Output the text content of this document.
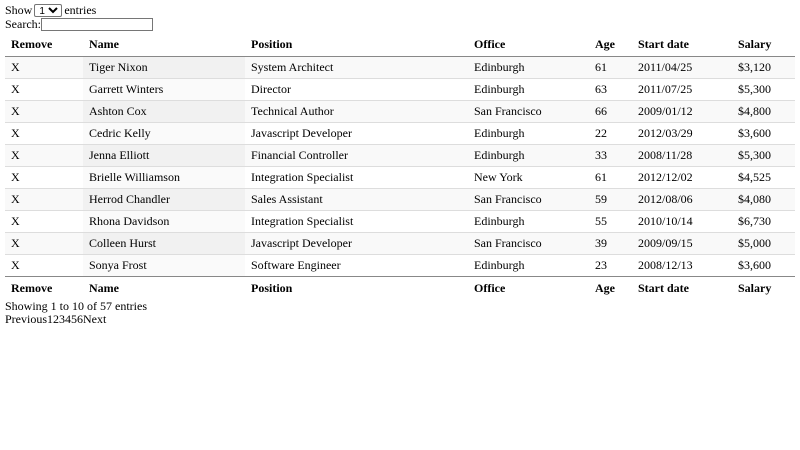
Show
10	entries
Search:
Remove	Name	Position	Office	Age	Start date	Salary
X	Tiger Nixon	System Architect	Edinburgh	61	2011/04/25	$3,120
X	Garrett Winters	Director	Edinburgh	63	2011/07/25	$5,300
X	Ashton Cox	Technical Author	San Francisco	66	2009/01/12	$4,800
X	Cedric Kelly	Javascript Developer	Edinburgh	22	2012/03/29	$3,600
X	Jenna Elliott	Financial Controller	Edinburgh	33	2008/11/28	$5,300
X	Brielle Williamson	Integration Specialist	New York	61	2012/12/02	$4,525
X	Herrod Chandler	Sales Assistant	San Francisco	59	2012/08/06	$4,080
X	Rhona Davidson	Integration Specialist	Edinburgh	55	2010/10/14	$6,730
X	Colleen Hurst	Javascript Developer	San Francisco	39	2009/09/15	$5,000
X	Sonya Frost	Software Engineer	Edinburgh	23	2008/12/13	$3,600
Remove	Name	Position	Office	Age	Start date	Salary
Showing 1 to 10 of 57 entries
Previous123456Next
